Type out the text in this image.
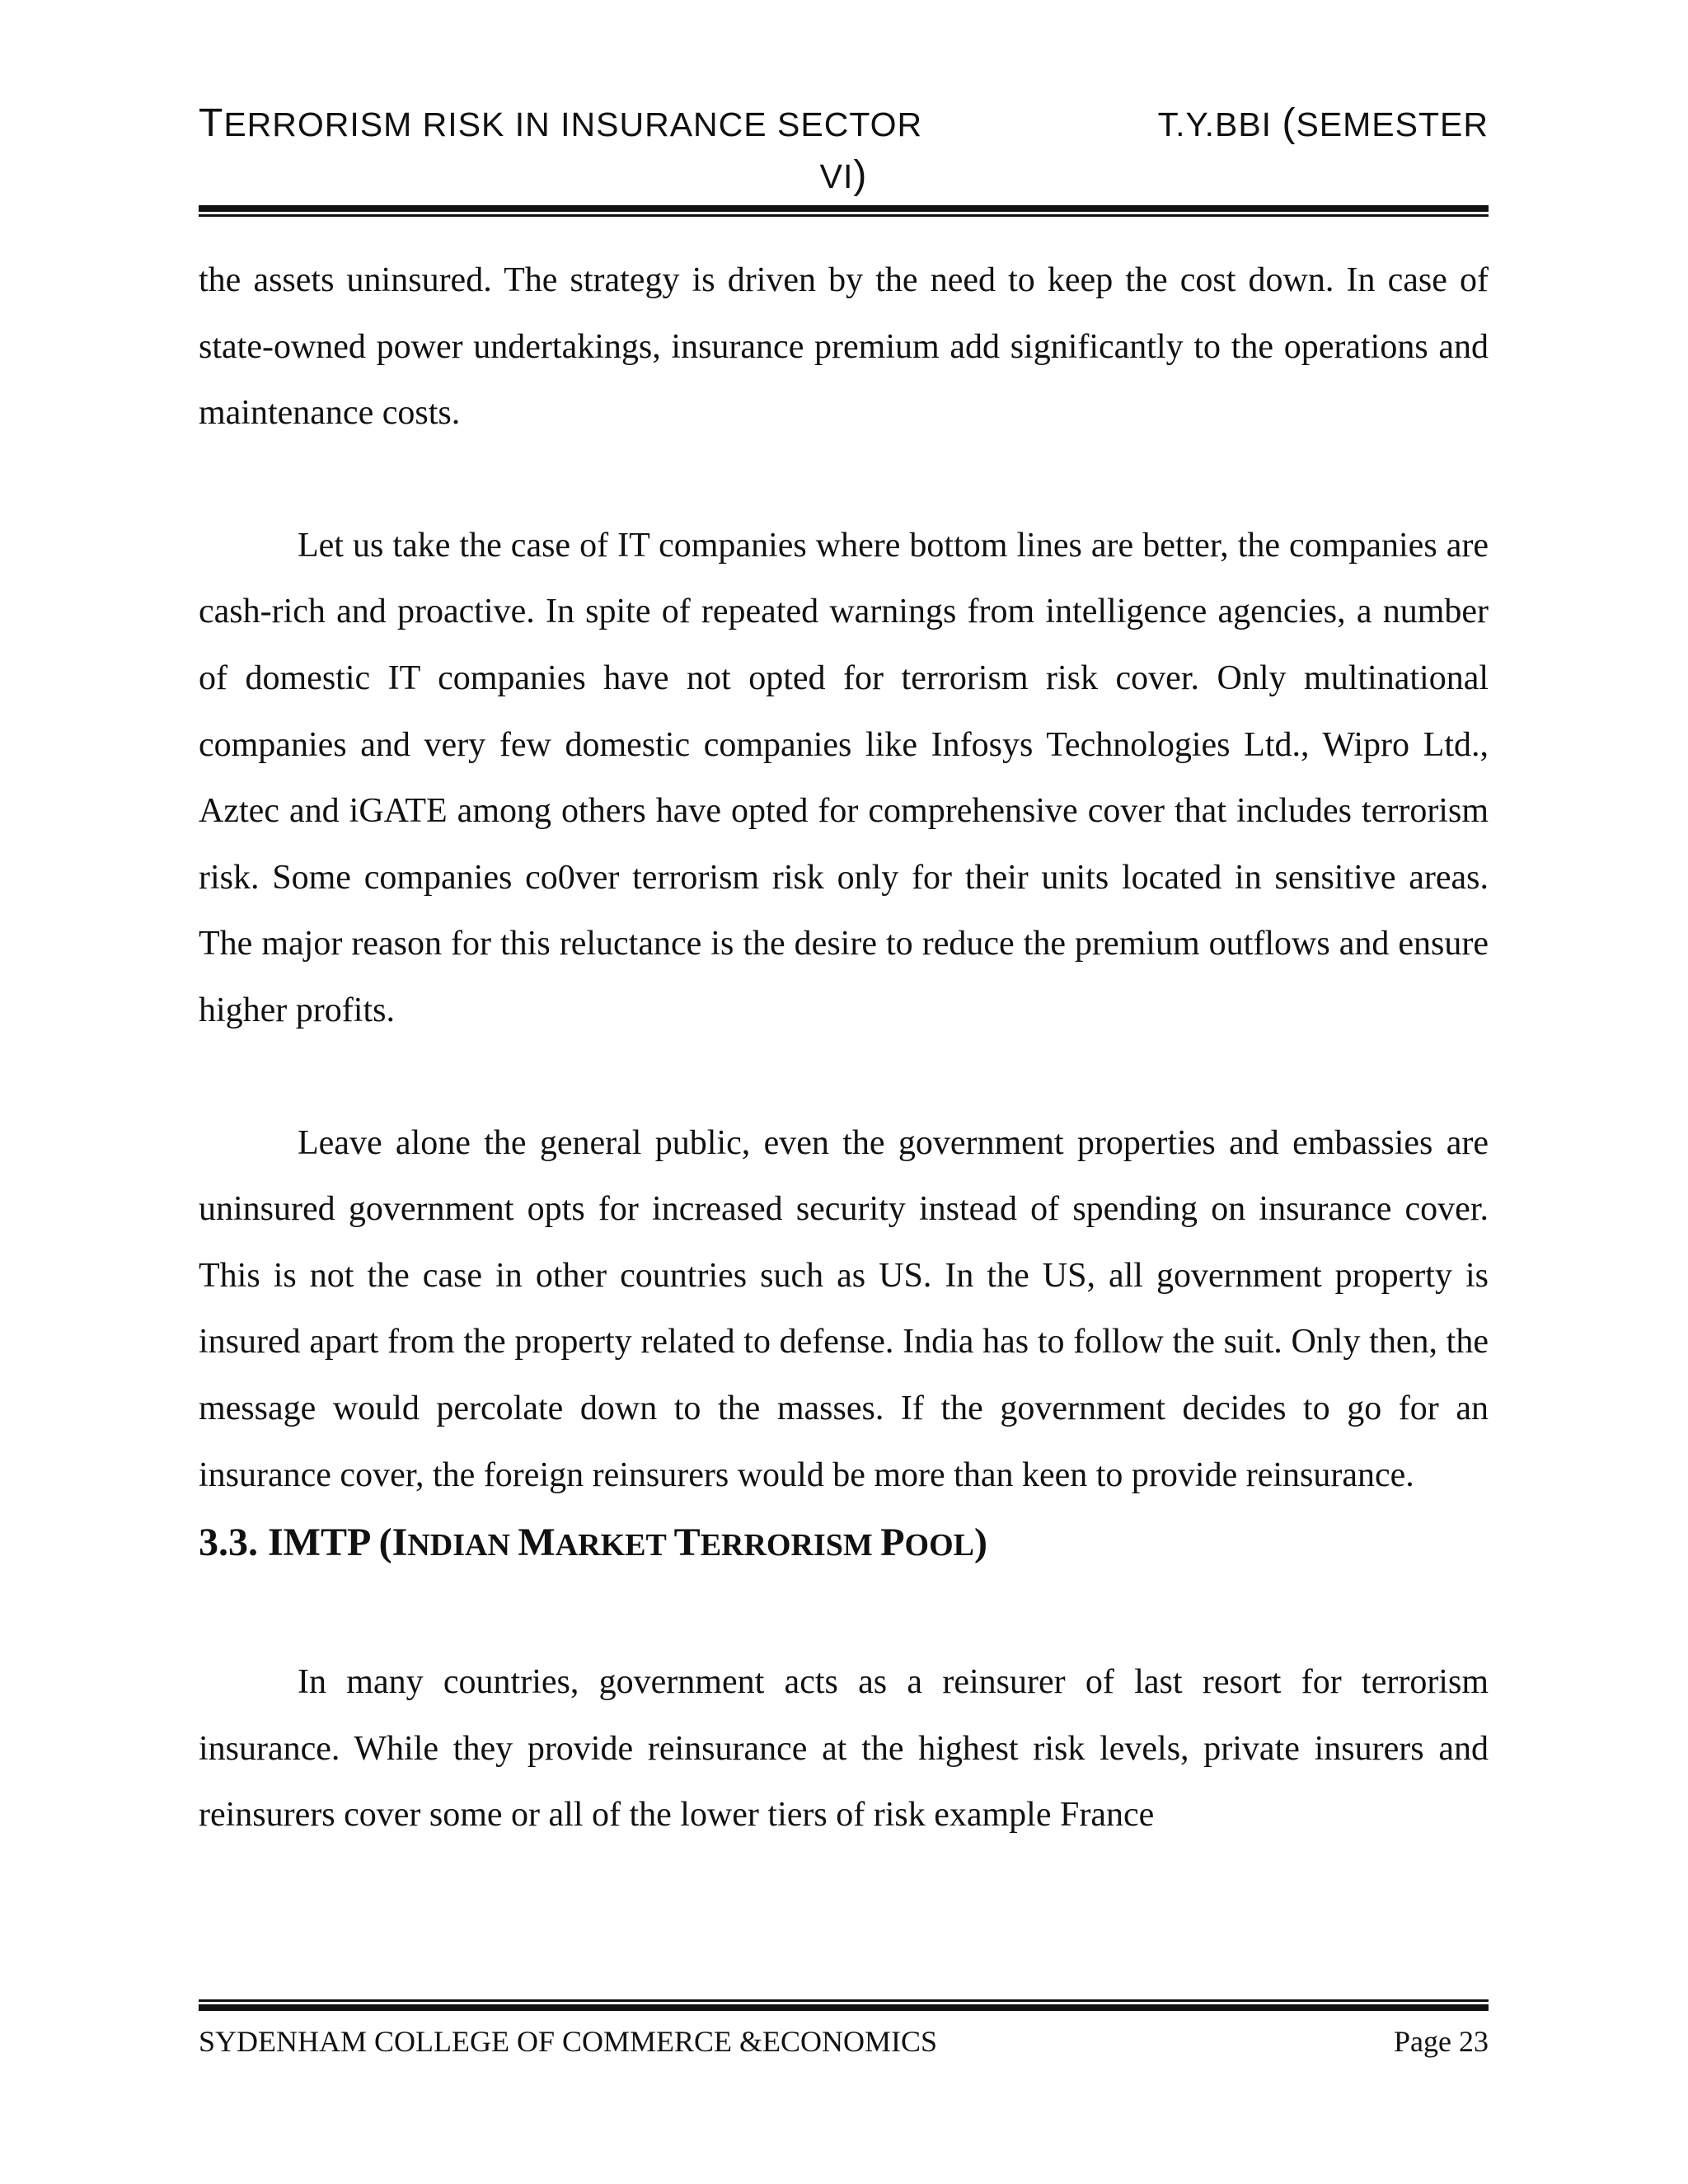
TERRORISM RISK IN INSURANCE SECTOR	T.Y.BBI (SEMESTER
VI)

the assets uninsured. The strategy is driven by the need to keep the cost down. In case of state-owned power undertakings, insurance premium add significantly to the operations and maintenance costs.

Let us take the case of IT companies where bottom lines are better, the companies are cash-rich and proactive. In spite of repeated warnings from intelligence agencies, a number of domestic IT companies have not opted for terrorism risk cover. Only multinational companies and very few domestic companies like Infosys Technologies Ltd., Wipro Ltd., Aztec and iGATE among others have opted for comprehensive cover that includes terrorism risk. Some companies co0ver terrorism risk only for their units located in sensitive areas. The major reason for this reluctance is the desire to reduce the premium outflows and ensure higher profits.

Leave alone the general public, even the government properties and embassies are uninsured government opts for increased security instead of spending on insurance cover. This is not the case in other countries such as US. In the US, all government property is insured apart from the property related to defense. India has to follow the suit. Only then, the message would percolate down to the masses. If the government decides to go for an insurance cover, the foreign reinsurers would be more than keen to provide reinsurance.

3.3. IMTP (INDIAN MARKET TERRORISM POOL)

In many countries, government acts as a reinsurer of last resort for terrorism insurance. While they provide reinsurance at the highest risk levels, private insurers and reinsurers cover some or all of the lower tiers of risk example France

SYDENHAM COLLEGE OF COMMERCE &ECONOMICS	Page 23
